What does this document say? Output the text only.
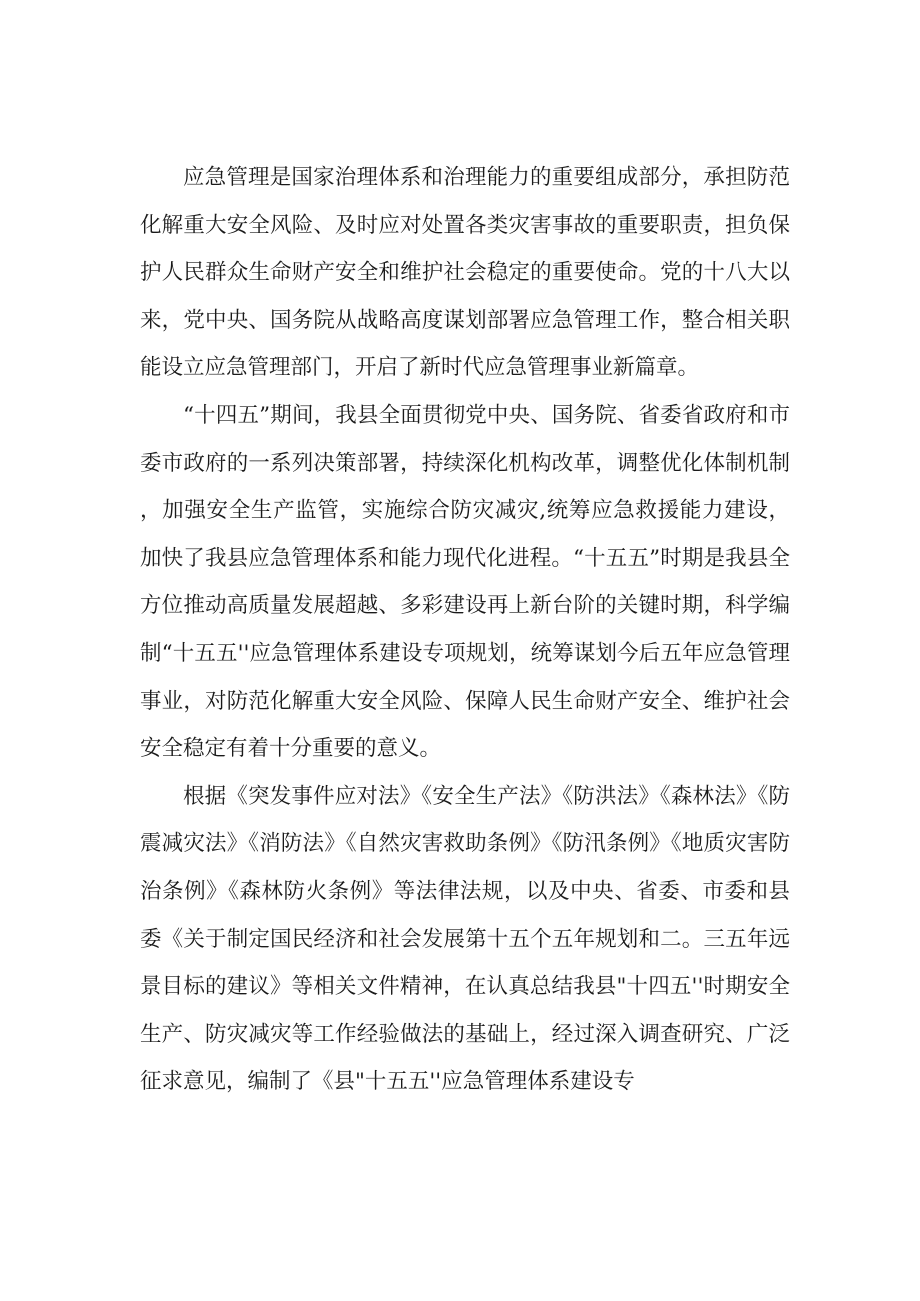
应急管理是国家治理体系和治理能力的重要组成部分，承担防范化解重大安全风险、及时应对处置各类灾害事故的重要职责，担负保护人民群众生命财产安全和维护社会稳定的重要使命。党的十八大以来，党中央、国务院从战略高度谋划部署应急管理工作，整合相关职能设立应急管理部门，开启了新时代应急管理事业新篇章。

“十四五”期间，我县全面贯彻党中央、国务院、省委省政府和市委市政府的一系列决策部署，持续深化机构改革，调整优化体制机制，加强安全生产监管，实施综合防灾减灾,统筹应急救援能力建设，加快了我县应急管理体系和能力现代化进程。“十五五”时期是我县全方位推动高质量发展超越、多彩建设再上新台阶的关键时期，科学编制“十五五''应急管理体系建设专项规划，统筹谋划今后五年应急管理事业，对防范化解重大安全风险、保障人民生命财产安全、维护社会安全稳定有着十分重要的意义。

根据《突发事件应对法》《安全生产法》《防洪法》《森林法》《防震减灾法》《消防法》《自然灾害救助条例》《防汛条例》《地质灾害防治条例》《森林防火条例》等法律法规，以及中央、省委、市委和县委《关于制定国民经济和社会发展第十五个五年规划和二。三五年远景目标的建议》等相关文件精神，在认真总结我县"十四五''时期安全生产、防灾减灾等工作经验做法的基础上，经过深入调查研究、广泛征求意见，编制了《县"十五五''应急管理体系建设专
